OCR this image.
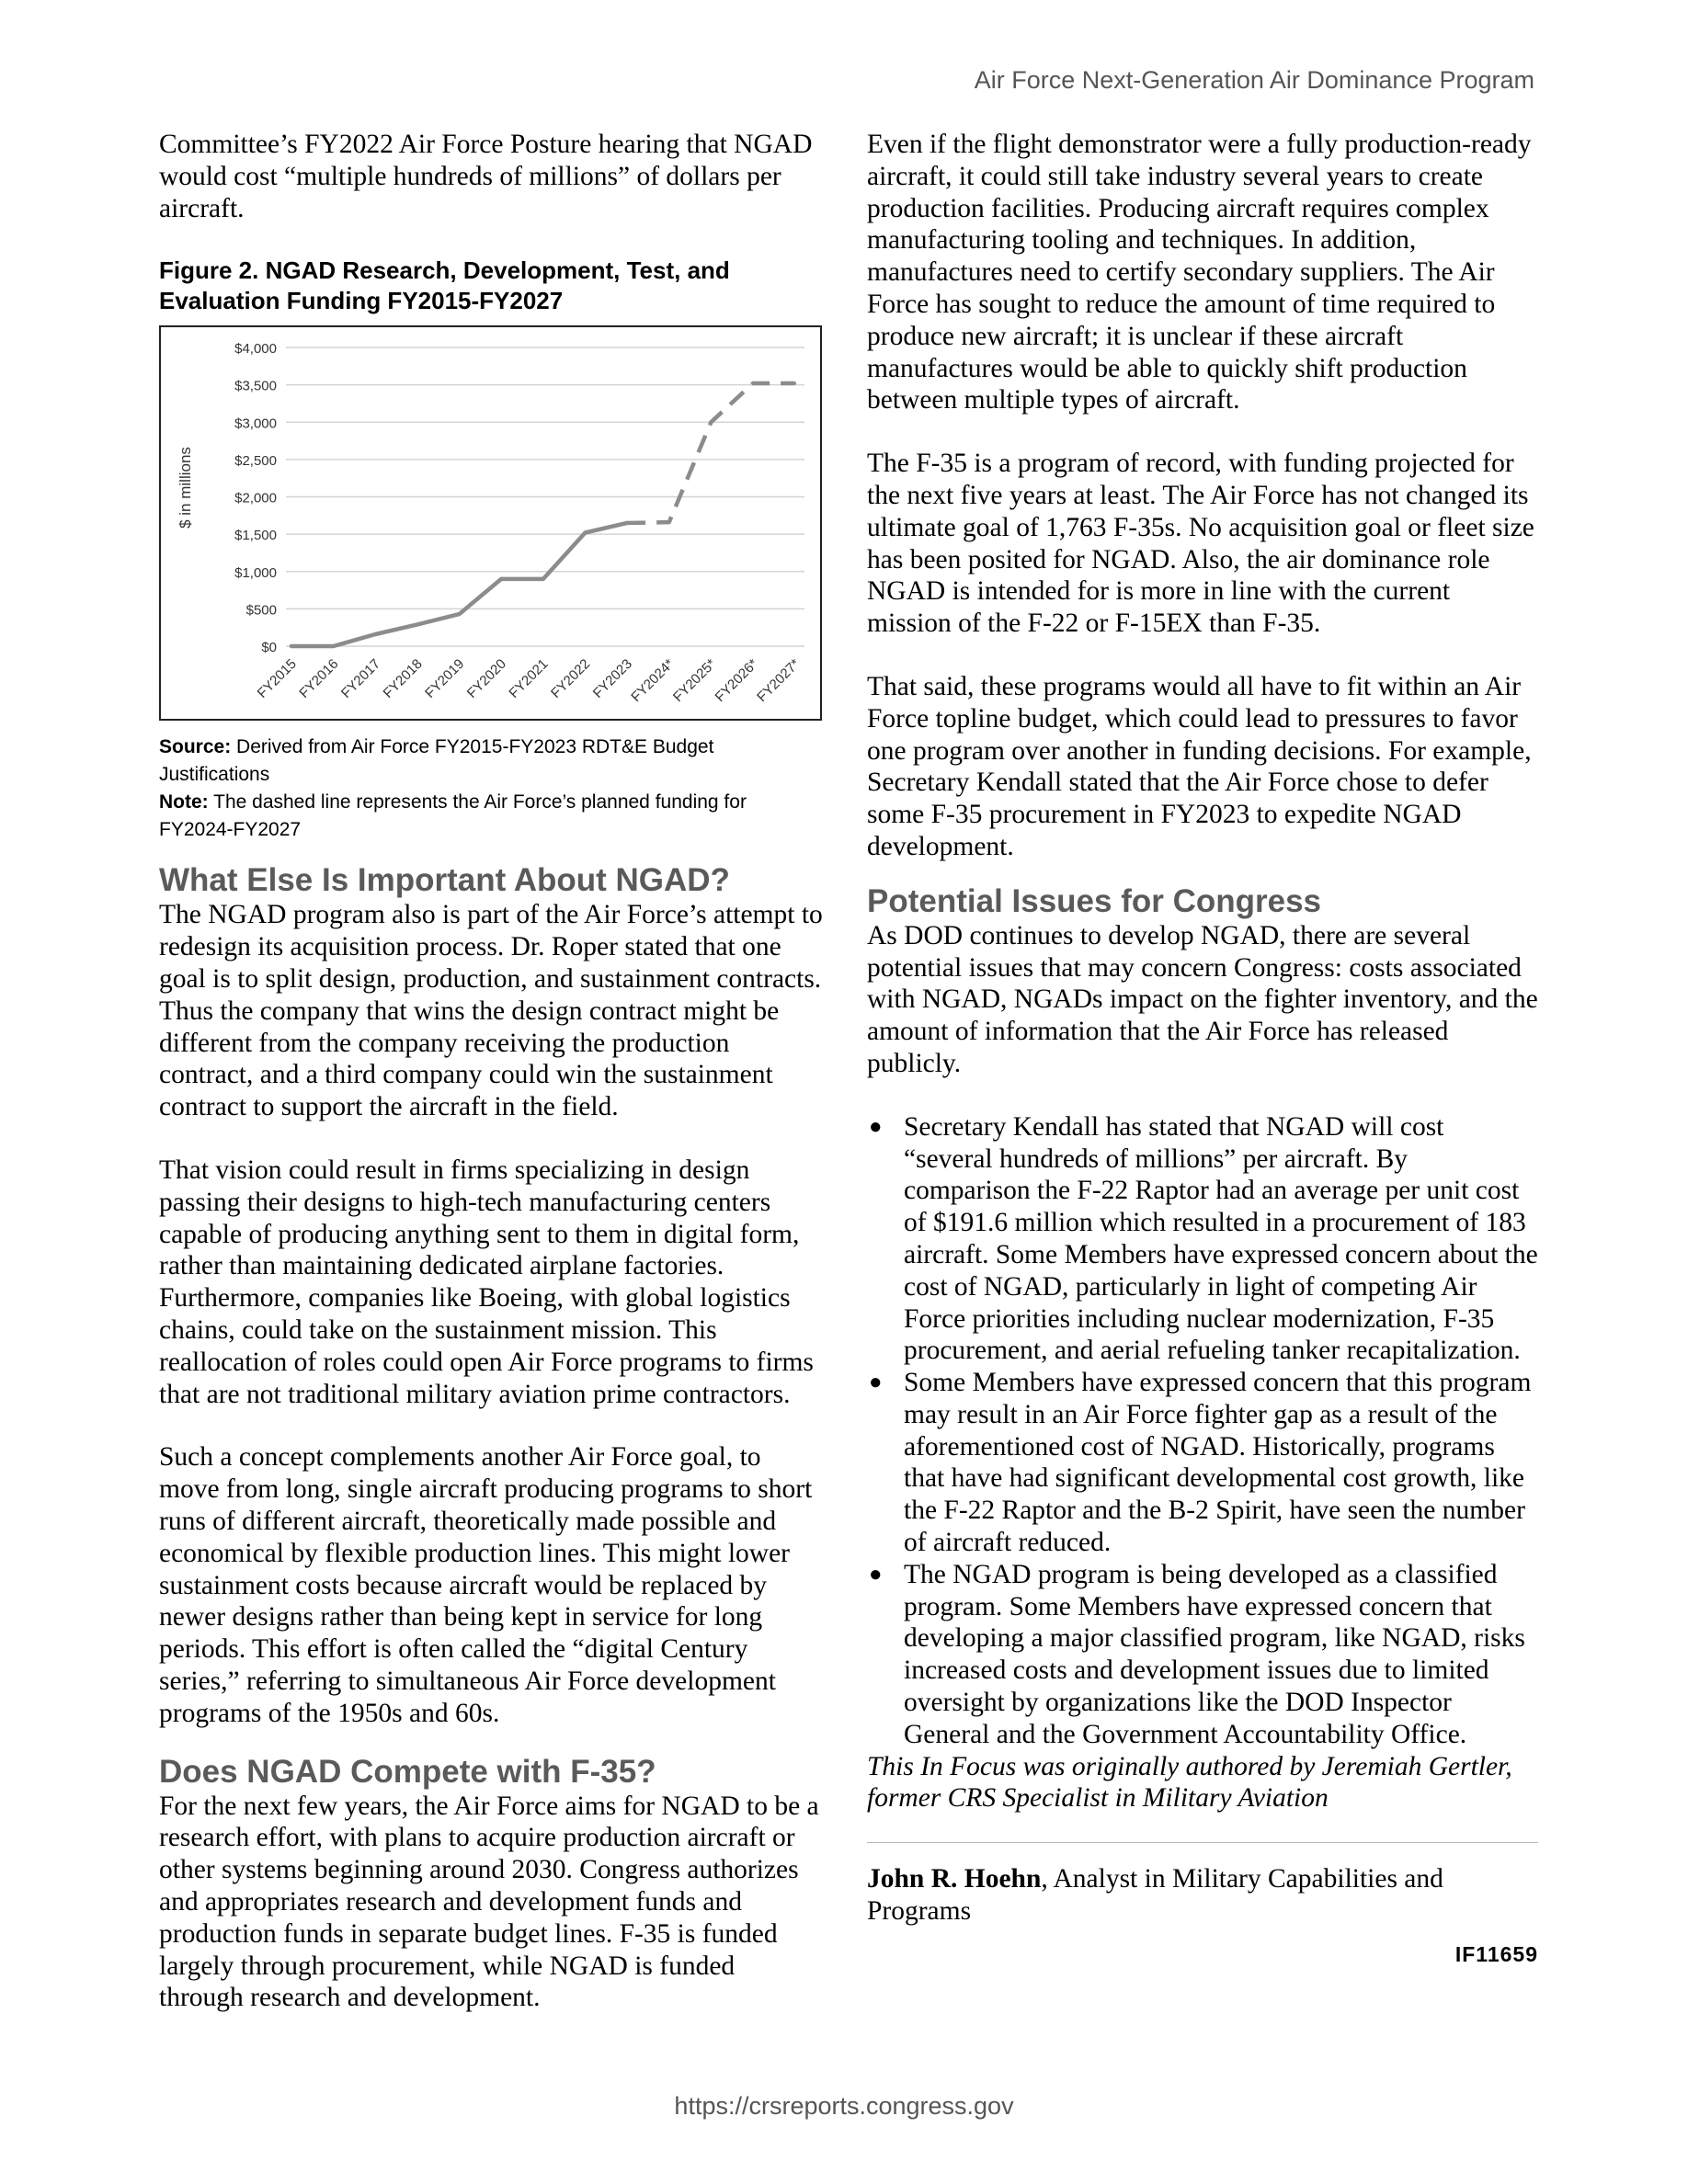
Air Force Next-Generation Air Dominance Program

Committee’s FY2022 Air Force Posture hearing that NGAD would cost “multiple hundreds of millions” of dollars per aircraft.

Figure 2. NGAD Research, Development, Test, and Evaluation Funding FY2015-FY2027

$0
$500
$1,000
$1,500
$2,000
$2,500
$3,000
$3,500
$4,000
$ in millions
FY2015
FY2016
FY2017
FY2018
FY2019
FY2020
FY2021
FY2022
FY2023
FY2024*
FY2025*
FY2026*
FY2027*

Source: Derived from Air Force FY2015-FY2023 RDT&E Budget Justifications

Note: The dashed line represents the Air Force’s planned funding for FY2024-FY2027

What Else Is Important About NGAD?

The NGAD program also is part of the Air Force’s attempt to redesign its acquisition process. Dr. Roper stated that one goal is to split design, production, and sustainment contracts. Thus the company that wins the design contract might be different from the company receiving the production contract, and a third company could win the sustainment contract to support the aircraft in the field.

That vision could result in firms specializing in design passing their designs to high-tech manufacturing centers capable of producing anything sent to them in digital form, rather than maintaining dedicated airplane factories. Furthermore, companies like Boeing, with global logistics chains, could take on the sustainment mission. This reallocation of roles could open Air Force programs to firms that are not traditional military aviation prime contractors.

Such a concept complements another Air Force goal, to move from long, single aircraft producing programs to short runs of different aircraft, theoretically made possible and economical by flexible production lines. This might lower sustainment costs because aircraft would be replaced by newer designs rather than being kept in service for long periods. This effort is often called the “digital Century series,” referring to simultaneous Air Force development programs of the 1950s and 60s.

Does NGAD Compete with F-35?

For the next few years, the Air Force aims for NGAD to be a research effort, with plans to acquire production aircraft or other systems beginning around 2030. Congress authorizes and appropriates research and development funds and production funds in separate budget lines. F-35 is funded largely through procurement, while NGAD is funded through research and development.

Even if the flight demonstrator were a fully production-ready aircraft, it could still take industry several years to create production facilities. Producing aircraft requires complex manufacturing tooling and techniques. In addition, manufactures need to certify secondary suppliers. The Air Force has sought to reduce the amount of time required to produce new aircraft; it is unclear if these aircraft manufactures would be able to quickly shift production between multiple types of aircraft.

The F-35 is a program of record, with funding projected for the next five years at least. The Air Force has not changed its ultimate goal of 1,763 F-35s. No acquisition goal or fleet size has been posited for NGAD. Also, the air dominance role NGAD is intended for is more in line with the current mission of the F-22 or F-15EX than F-35.

That said, these programs would all have to fit within an Air Force topline budget, which could lead to pressures to favor one program over another in funding decisions. For example, Secretary Kendall stated that the Air Force chose to defer some F-35 procurement in FY2023 to expedite NGAD development.

Potential Issues for Congress

As DOD continues to develop NGAD, there are several potential issues that may concern Congress: costs associated with NGAD, NGADs impact on the fighter inventory, and the amount of information that the Air Force has released publicly.

● Secretary Kendall has stated that NGAD will cost “several hundreds of millions” per aircraft. By comparison the F-22 Raptor had an average per unit cost of $191.6 million which resulted in a procurement of 183 aircraft. Some Members have expressed concern about the cost of NGAD, particularly in light of competing Air Force priorities including nuclear modernization, F-35 procurement, and aerial refueling tanker recapitalization.
● Some Members have expressed concern that this program may result in an Air Force fighter gap as a result of the aforementioned cost of NGAD. Historically, programs that have had significant developmental cost growth, like the F-22 Raptor and the B-2 Spirit, have seen the number of aircraft reduced.
● The NGAD program is being developed as a classified program. Some Members have expressed concern that developing a major classified program, like NGAD, risks increased costs and development issues due to limited oversight by organizations like the DOD Inspector General and the Government Accountability Office.

This In Focus was originally authored by Jeremiah Gertler, former CRS Specialist in Military Aviation

John R. Hoehn, Analyst in Military Capabilities and Programs

IF11659
https://crsreports.congress.gov
